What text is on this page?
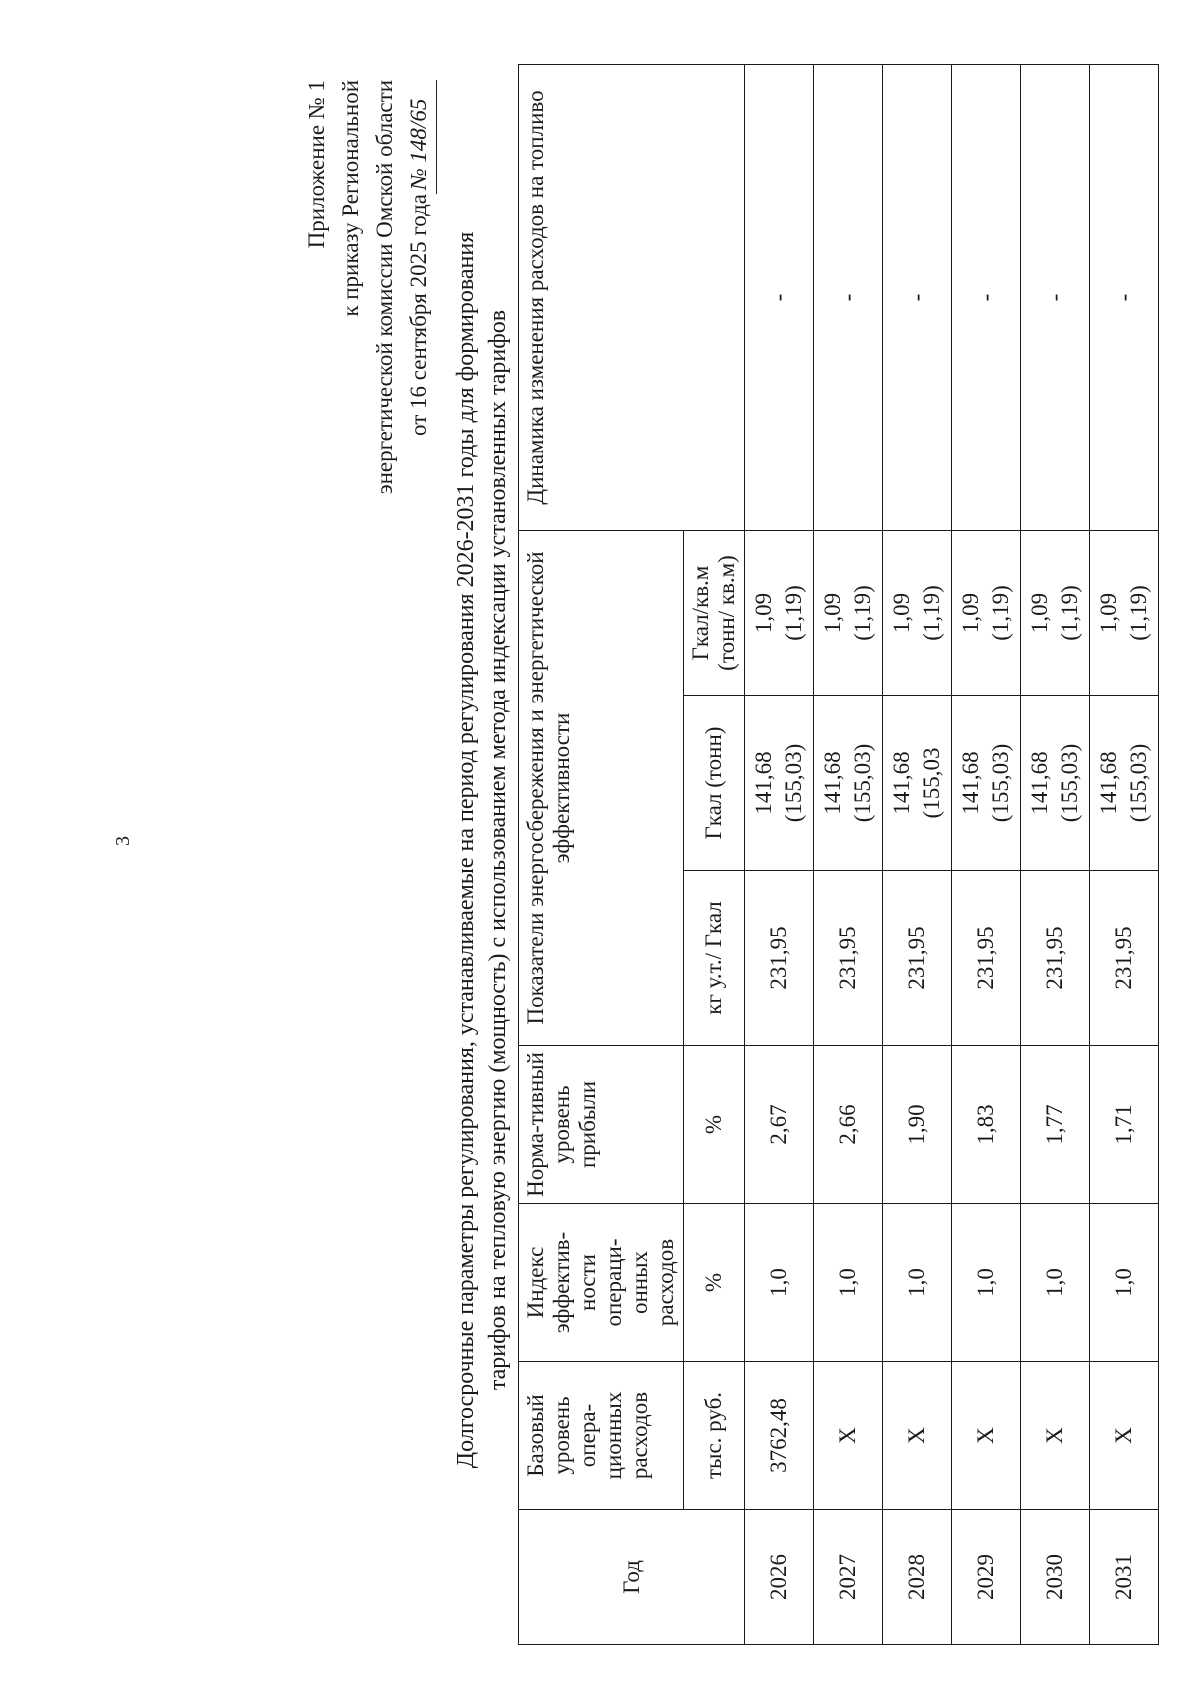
3
Приложение № 1 к приказу Региональной энергетической комиссии Омской области от 16 сентября 2025 года№ 148/65
Долгосрочные параметры регулирования, устанавливаемые на период регулирования 2026-2031 годы для формирования тарифов на тепловую энергию (мощность) с использованием метода индексации установленных тарифов
Год	Базовый уровень опера-ционных расходов	Индекс эффектив-ности операци-онных расходов	Норма-тивный уровень прибыли	Показатели энергосбережения и энергетической эффективности			Динамика изменения расходов на топливо
	тыс. руб.	%	%	кг у.т./ Гкал	Гкал (тонн)	Гкал/кв.м (тонн/ кв.м)	
2026	3762,48	1,0	2,67	231,95	141,68 (155,03)	1,09 (1,19)	-
2027	Х	1,0	2,66	231,95	141,68 (155,03)	1,09 (1,19)	-
2028	Х	1,0	1,90	231,95	141,68 (155,03	1,09 (1,19)	-
2029	Х	1,0	1,83	231,95	141,68 (155,03)	1,09 (1,19)	-
2030	Х	1,0	1,77	231,95	141,68 (155,03)	1,09 (1,19)	-
2031	Х	1,0	1,71	231,95	141,68 (155,03)	1,09 (1,19)	-
